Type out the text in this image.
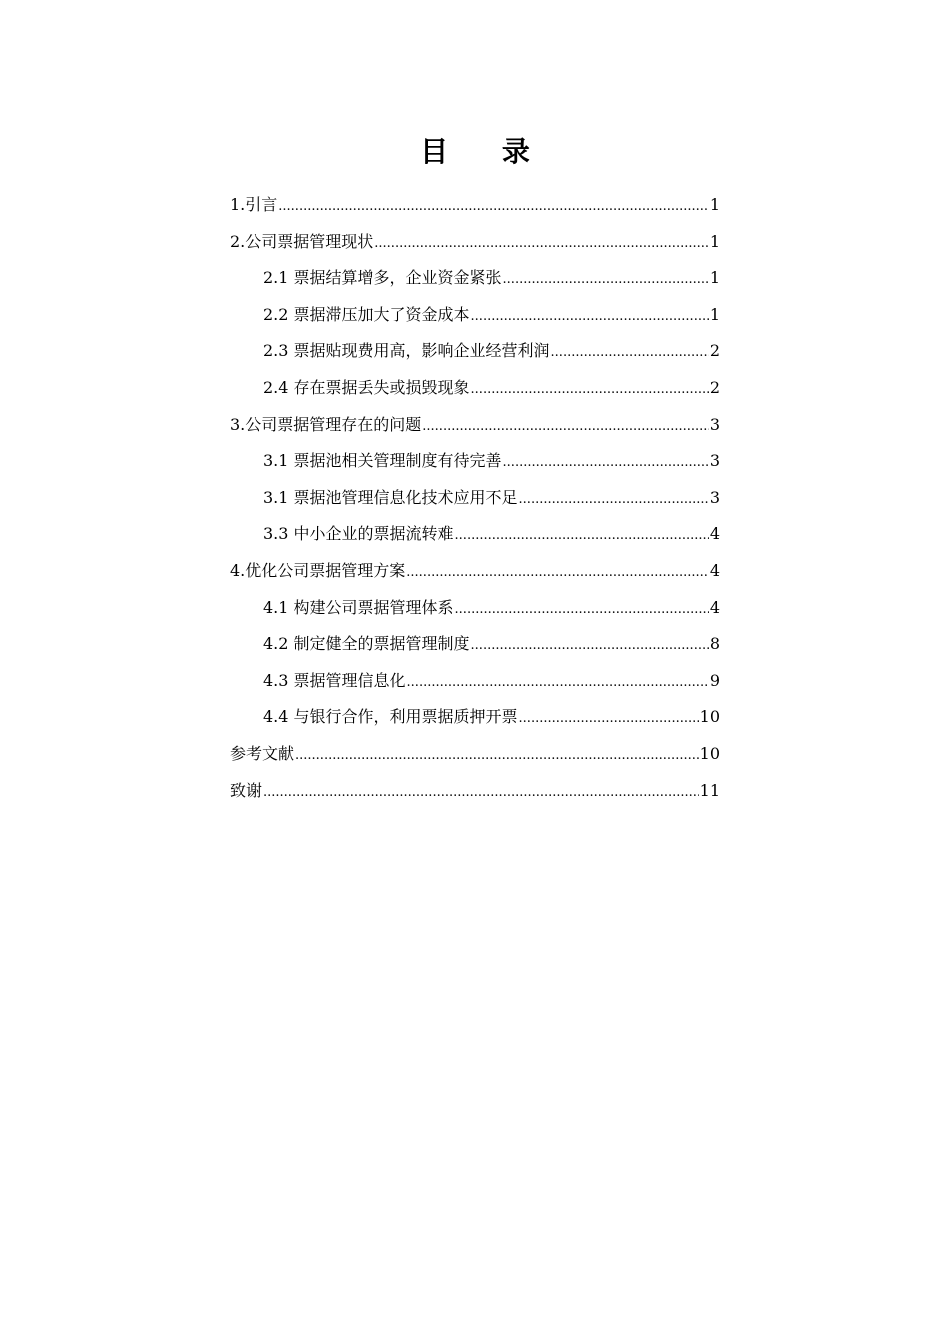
目 录
1.引言 .....	1
2.公司票据管理现状 .....	1
2.1 票据结算增多，企业资金紧张 .....	1
2.2 票据滞压加大了资金成本 .....	1
2.3 票据贴现费用高，影响企业经营利润 .....	2
2.4 存在票据丢失或损毁现象 .....	2
3.公司票据管理存在的问题 .....	3
3.1 票据池相关管理制度有待完善 .....	3
3.1 票据池管理信息化技术应用不足 .....	3
3.3 中小企业的票据流转难 .....	4
4.优化公司票据管理方案 .....	4
4.1 构建公司票据管理体系 .....	4
4.2 制定健全的票据管理制度 .....	8
4.3 票据管理信息化 .....	9
4.4 与银行合作，利用票据质押开票 .....	10
参考文献 .....	10
致谢 .....	11
